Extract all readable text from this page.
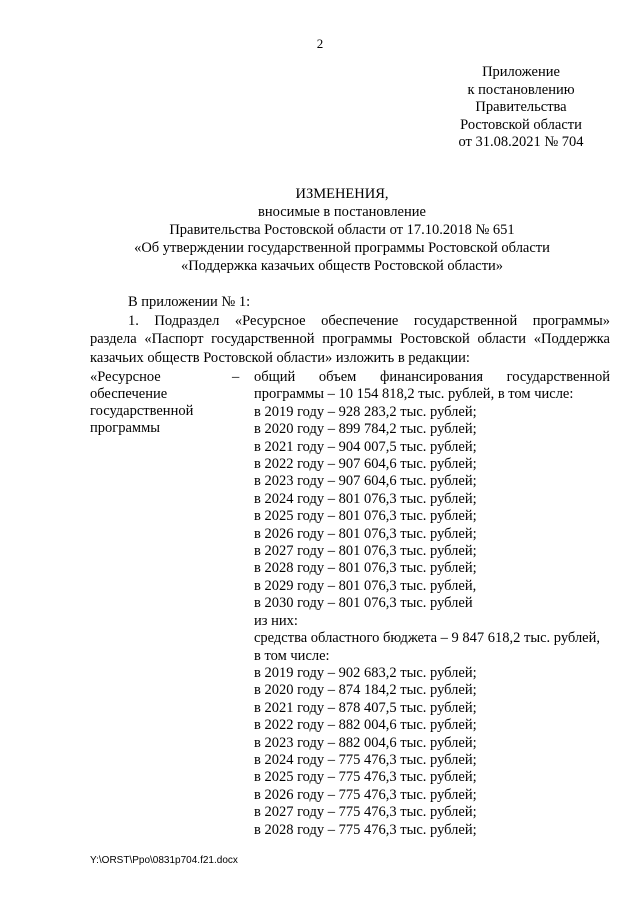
2
Приложение
к постановлению
Правительства
Ростовской области
от 31.08.2021 № 704
ИЗМЕНЕНИЯ,
вносимые в постановление
Правительства Ростовской области от 17.10.2018 № 651
«Об утверждении государственной программы Ростовской области
«Поддержка казачьих обществ Ростовской области»
В приложении № 1:
1. Подраздел «Ресурсное обеспечение государственной программы»
раздела «Паспорт государственной программы Ростовской области «Поддержка
казачьих обществ Ростовской области» изложить в редакции:
«Ресурсное
обеспечение
государственной
программы
– общий объем финансирования государственной
программы – 10 154 818,2 тыс. рублей, в том числе:
в 2019 году – 928 283,2 тыс. рублей;
в 2020 году – 899 784,2 тыс. рублей;
в 2021 году – 904 007,5 тыс. рублей;
в 2022 году – 907 604,6 тыс. рублей;
в 2023 году – 907 604,6 тыс. рублей;
в 2024 году – 801 076,3 тыс. рублей;
в 2025 году – 801 076,3 тыс. рублей;
в 2026 году – 801 076,3 тыс. рублей;
в 2027 году – 801 076,3 тыс. рублей;
в 2028 году – 801 076,3 тыс. рублей;
в 2029 году – 801 076,3 тыс. рублей,
в 2030 году – 801 076,3 тыс. рублей
из них:
средства областного бюджета – 9 847 618,2 тыс. рублей,
в том числе:
в 2019 году – 902 683,2 тыс. рублей;
в 2020 году – 874 184,2 тыс. рублей;
в 2021 году – 878 407,5 тыс. рублей;
в 2022 году – 882 004,6 тыс. рублей;
в 2023 году – 882 004,6 тыс. рублей;
в 2024 году – 775 476,3 тыс. рублей;
в 2025 году – 775 476,3 тыс. рублей;
в 2026 году – 775 476,3 тыс. рублей;
в 2027 году – 775 476,3 тыс. рублей;
в 2028 году – 775 476,3 тыс. рублей;
Y:\ORST\Ppo\0831p704.f21.docx
